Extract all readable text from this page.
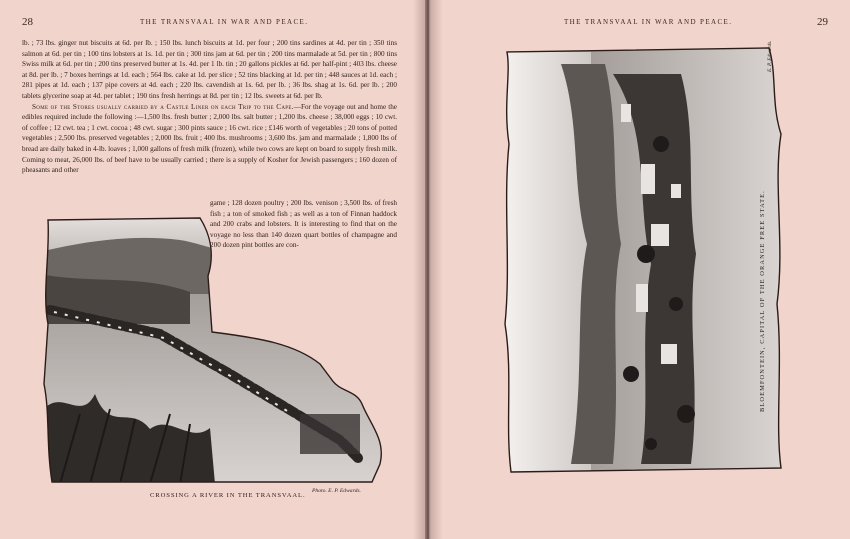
28	THE TRANSVAAL IN WAR AND PEACE.

lb. ; 73 lbs. ginger nut biscuits at 6d. per lb. ; 150 lbs. lunch biscuits at 1d. per four ; 200 tins sardines at 4d. per tin ; 350 tins salmon at 6d. per tin ; 100 tins lobsters at 1s. 1d. per tin ; 300 tins jam at 6d. per tin ; 200 tins marmalade at 5d. per tin ; 800 tins Swiss milk at 6d. per tin ; 200 tins preserved butter at 1s. 4d. per 1 lb. tin ; 20 gallons pickles at 6d. per half-pint ; 403 lbs. cheese at 8d. per lb. ; 7 boxes herrings at 1d. each ; 564 lbs. cake at 1d. per slice ; 52 tins blacking at 1d. per tin ; 448 sauces at 1d. each ; 281 pipes at 1d. each ; 137 pipe covers at 4d. each ; 220 lbs. cavendish at 1s. 6d. per lb. ; 36 lbs. shag at 1s. 6d. per lb. ; 200 tablets glycerine soap at 4d. per tablet ; 190 tins fresh herrings at 8d. per tin ; 12 lbs. sweets at 6d. per lb.

Some of the Stores usually carried by a Castle Liner on each Trip to the Cape.—For the voyage out and home the edibles required include the following :—1,500 lbs. fresh butter ; 2,000 lbs. salt butter ; 1,200 lbs. cheese ; 38,000 eggs ; 10 cwt. of coffee ; 12 cwt. tea ; 1 cwt. cocoa ; 48 cwt. sugar ; 300 pints sauce ; 16 cwt. rice ; £146 worth of vegetables ; 20 tons of potted vegetables ; 2,500 lbs. preserved vegetables ; 2,000 lbs. fruit ; 400 lbs. mushrooms ; 3,600 lbs. jam and marmalade ; 1,800 lbs of bread are daily baked in 4-lb. loaves ; 1,000 gallons of fresh milk (frozen), while two cows are kept on board to supply fresh milk. Coming to meat, 26,000 lbs. of beef have to be usually carried ; there is a supply of Kosher for Jewish passengers ; 160 dozen of pheasants and other

game ; 128 dozen poultry ; 200 lbs. venison ; 3,500 lbs. of fresh fish ; a ton of smoked fish ; as well as a ton of Finnan haddock and 200 crabs and lobsters. It is interesting to find that on the voyage no less than 140 dozen quart bottles of champagne and 200 dozen pint bottles are con-

CROSSING A RIVER IN THE TRANSVAAL.
Photo. E. P. Edwards.
THE TRANSVAAL IN WAR AND PEACE.	29
E. P. Edwards.
BLOEMFONTEIN, CAPITAL OF THE ORANGE FREE STATE.
